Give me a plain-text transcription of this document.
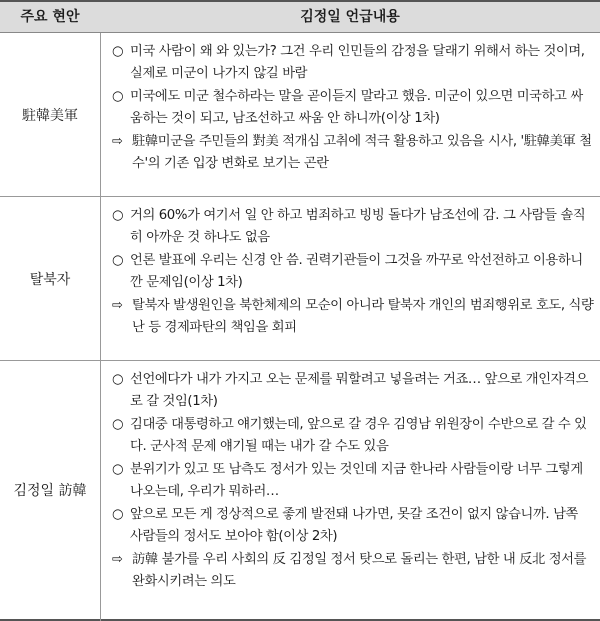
주요 현안	김정일 언급내용
駐韓美軍
○ 미국 사람이 왜 와 있는가? 그건 우리 인민들의 감정을 달래기 위해서 하는 것이며, 실제로 미군이 나가지 않길 바람
○ 미국에도 미군 철수하라는 말을 곧이듣지 말라고 했음. 미군이 있으면 미국하고 싸움하는 것이 되고, 남조선하고 싸움 안 하니까(이상 1차)
⇨ 駐韓미군을 주민들의 對美 적개심 고취에 적극 활용하고 있음을 시사, '駐韓美軍 철수'의 기존 입장 변화로 보기는 곤란
탈북자
○ 거의 60%가 여기서 일 안 하고 범죄하고 빙빙 돌다가 남조선에 감. 그 사람들 솔직히 아까운 것 하나도 없음
○ 언론 발표에 우리는 신경 안 씀. 권력기관들이 그것을 까꾸로 악선전하고 이용하니깐 문제임(이상 1차)
⇨ 탈북자 발생원인을 북한체제의 모순이 아니라 탈북자 개인의 범죄행위로 호도, 식량난 등 경제파탄의 책임을 회피
김정일 訪韓
○ 선언에다가 내가 가지고 오는 문제를 뭐할려고 넣을려는 거죠… 앞으로 개인자격으로 갈 것임(1차)
○ 김대중 대통령하고 얘기했는데, 앞으로 갈 경우 김영남 위원장이 수반으로 갈 수 있다. 군사적 문제 얘기될 때는 내가 갈 수도 있음
○ 분위기가 있고 또 남측도 정서가 있는 것인데 지금 한나라 사람들이랑 너무 그렇게 나오는데, 우리가 뭐하러…
○ 앞으로 모든 게 정상적으로 좋게 발전돼 나가면, 못갈 조건이 없지 않습니까. 남쪽 사람들의 정서도 보아야 함(이상 2차)
⇨ 訪韓 불가를 우리 사회의 反 김정일 정서 탓으로 돌리는 한편, 남한 내 反北 정서를 완화시키려는 의도
